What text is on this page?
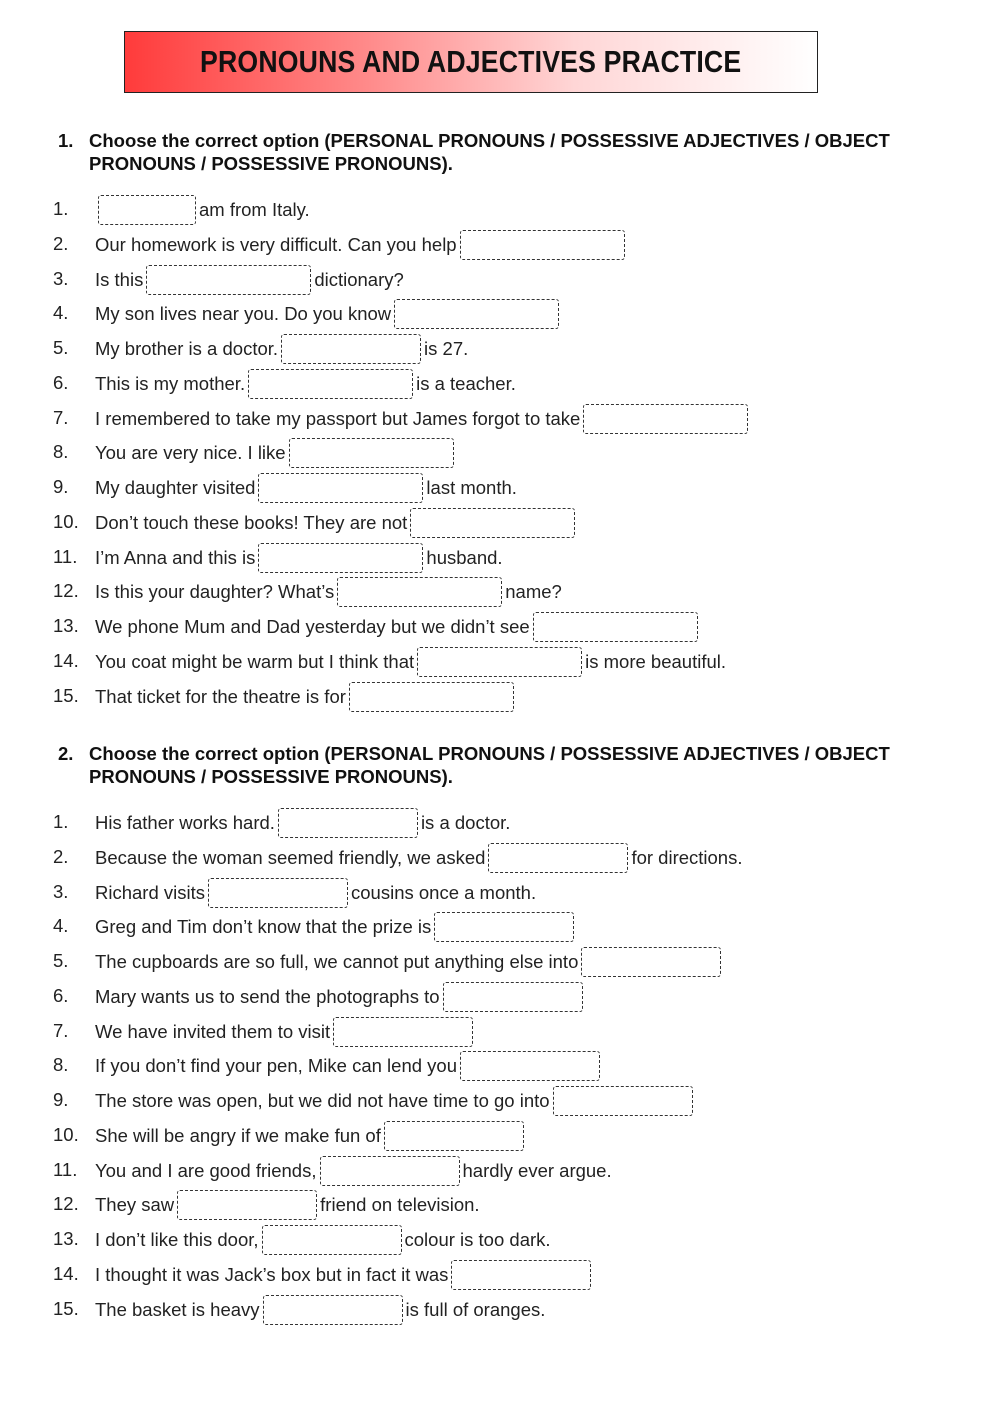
PRONOUNS AND ADJECTIVES PRACTICE
1. Choose the correct option (PERSONAL PRONOUNS / POSSESSIVE ADJECTIVES / OBJECT PRONOUNS / POSSESSIVE PRONOUNS).
1.	am from Italy.
2. Our homework is very difficult. Can you help
3. Is this	dictionary?
4. My son lives near you. Do you know
5. My brother is a doctor.	is 27.
6. This is my mother.	is a teacher.
7. I remembered to take my passport but James forgot to take
8. You are very nice. I like
9. My daughter visited	last month.
10. Don’t touch these books! They are not
11. I’m Anna and this is	husband.
12. Is this your daughter? What’s	name?
13. We phone Mum and Dad yesterday but we didn’t see
14. You coat might be warm but I think that	is more beautiful.
15. That ticket for the theatre is for
2. Choose the correct option (PERSONAL PRONOUNS / POSSESSIVE ADJECTIVES / OBJECT PRONOUNS / POSSESSIVE PRONOUNS).
1. His father works hard.	is a doctor.
2. Because the woman seemed friendly, we asked	for directions.
3. Richard visits	cousins once a month.
4. Greg and Tim don’t know that the prize is
5. The cupboards are so full, we cannot put anything else into
6. Mary wants us to send the photographs to
7. We have invited them to visit
8. If you don’t find your pen, Mike can lend you
9. The store was open, but we did not have time to go into
10. She will be angry if we make fun of
11. You and I are good friends,	hardly ever argue.
12. They saw	friend on television.
13. I don’t like this door,	colour is too dark.
14. I thought it was Jack’s box but in fact it was
15. The basket is heavy	is full of oranges.
